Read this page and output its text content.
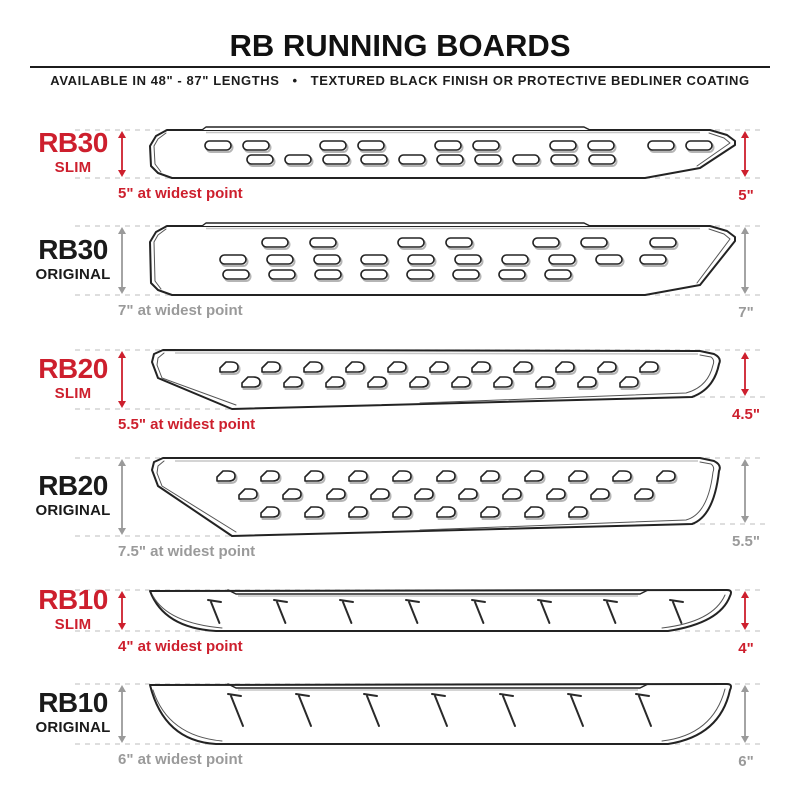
RB RUNNING BOARDS
AVAILABLE IN 48" - 87" LENGTHS • TEXTURED BLACK FINISH OR PROTECTIVE BEDLINER COATING
RB30
SLIM
5" at widest point	5"
RB30
ORIGINAL
7" at widest point	7"
RB20
SLIM
5.5" at widest point
4.5"
RB20
ORIGINAL
7.5" at widest point
5.5"
RB10
SLIM
4" at widest point	4"
RB10
ORIGINAL
6" at widest point	6"
